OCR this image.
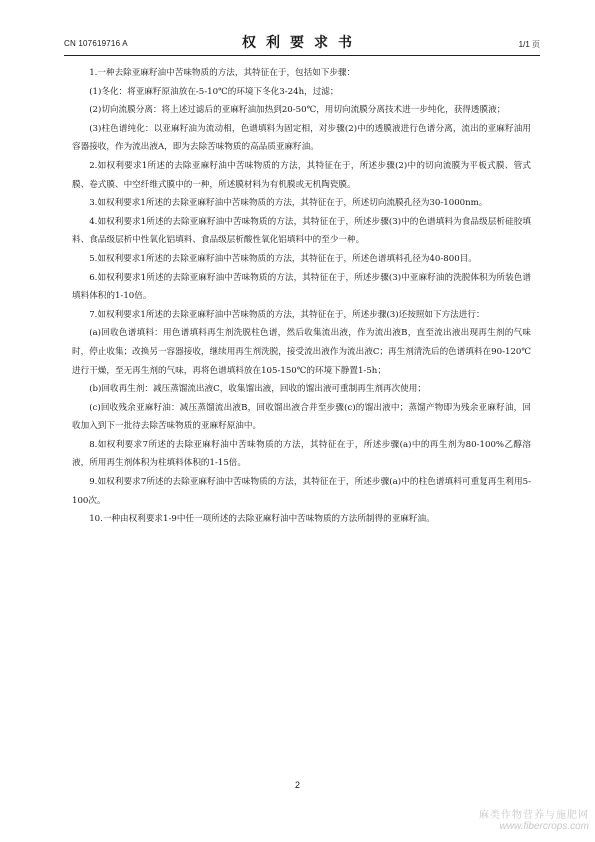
CN 107619716 A	权利要求书	1/1 页

1.一种去除亚麻籽油中苦味物质的方法，其特征在于，包括如下步骤：

(1)冬化：将亚麻籽原油放在-5-10℃的环境下冬化3-24h，过滤；

(2)切向流膜分离：将上述过滤后的亚麻籽油加热到20-50℃，用切向流膜分离技术进一步纯化，获得透膜液；

(3)柱色谱纯化：以亚麻籽油为流动相，色谱填料为固定相，对步骤(2)中的透膜液进行色谱分离，流出的亚麻籽油用容器接收，作为流出液A，即为去除苦味物质的高品质亚麻籽油。

2.如权利要求1所述的去除亚麻籽油中苦味物质的方法，其特征在于，所述步骤(2)中的切向流膜为平板式膜、管式膜、卷式膜、中空纤维式膜中的一种，所述膜材料为有机膜或无机陶瓷膜。

3.如权利要求1所述的去除亚麻籽油中苦味物质的方法，其特征在于，所述切向流膜孔径为30-1000nm。

4.如权利要求1所述的去除亚麻籽油中苦味物质的方法，其特征在于，所述步骤(3)中的色谱填料为食品级层析硅胶填料、食品级层析中性氧化铝填料、食品级层析酸性氧化铝填料中的至少一种。

5.如权利要求1所述的去除亚麻籽油中苦味物质的方法，其特征在于，所述色谱填料孔径为40-800目。

6.如权利要求1所述的去除亚麻籽油中苦味物质的方法，其特征在于，所述步骤(3)中亚麻籽油的洗脱体积为所装色谱填料体积的1-10倍。

7.如权利要求1所述的去除亚麻籽油中苦味物质的方法，其特征在于，所述步骤(3)还按照如下方法进行：

(a)回收色谱填料：用色谱填料再生剂洗脱柱色谱，然后收集流出液，作为流出液B，直至流出液出现再生剂的气味时，停止收集；改换另一容器接收，继续用再生剂洗脱，接受流出液作为流出液C；再生剂清洗后的色谱填料在90-120℃进行干燥，至无再生剂的气味，再将色谱填料放在105-150℃的环境下静置1-5h；

(b)回收再生剂：减压蒸馏流出液C，收集馏出液，回收的馏出液可重制再生剂再次使用；

(c)回收残余亚麻籽油：减压蒸馏流出液B，回收馏出液合并至步骤(c)的馏出液中；蒸馏产物即为残余亚麻籽油，回收加入到下一批待去除苦味物质的亚麻籽原油中。

8.如权利要求7所述的去除亚麻籽油中苦味物质的方法，其特征在于，所述步骤(a)中的再生剂为80-100%乙醇溶液，所用再生剂体积为柱填料体积的1-15倍。

9.如权利要求7所述的去除亚麻籽油中苦味物质的方法，其特征在于，所述步骤(a)中的柱色谱填料可重复再生利用5-100次。

10.一种由权利要求1-9中任一项所述的去除亚麻籽油中苦味物质的方法所制得的亚麻籽油。

2
麻类作物营养与施肥网
www.fibercrops.com
